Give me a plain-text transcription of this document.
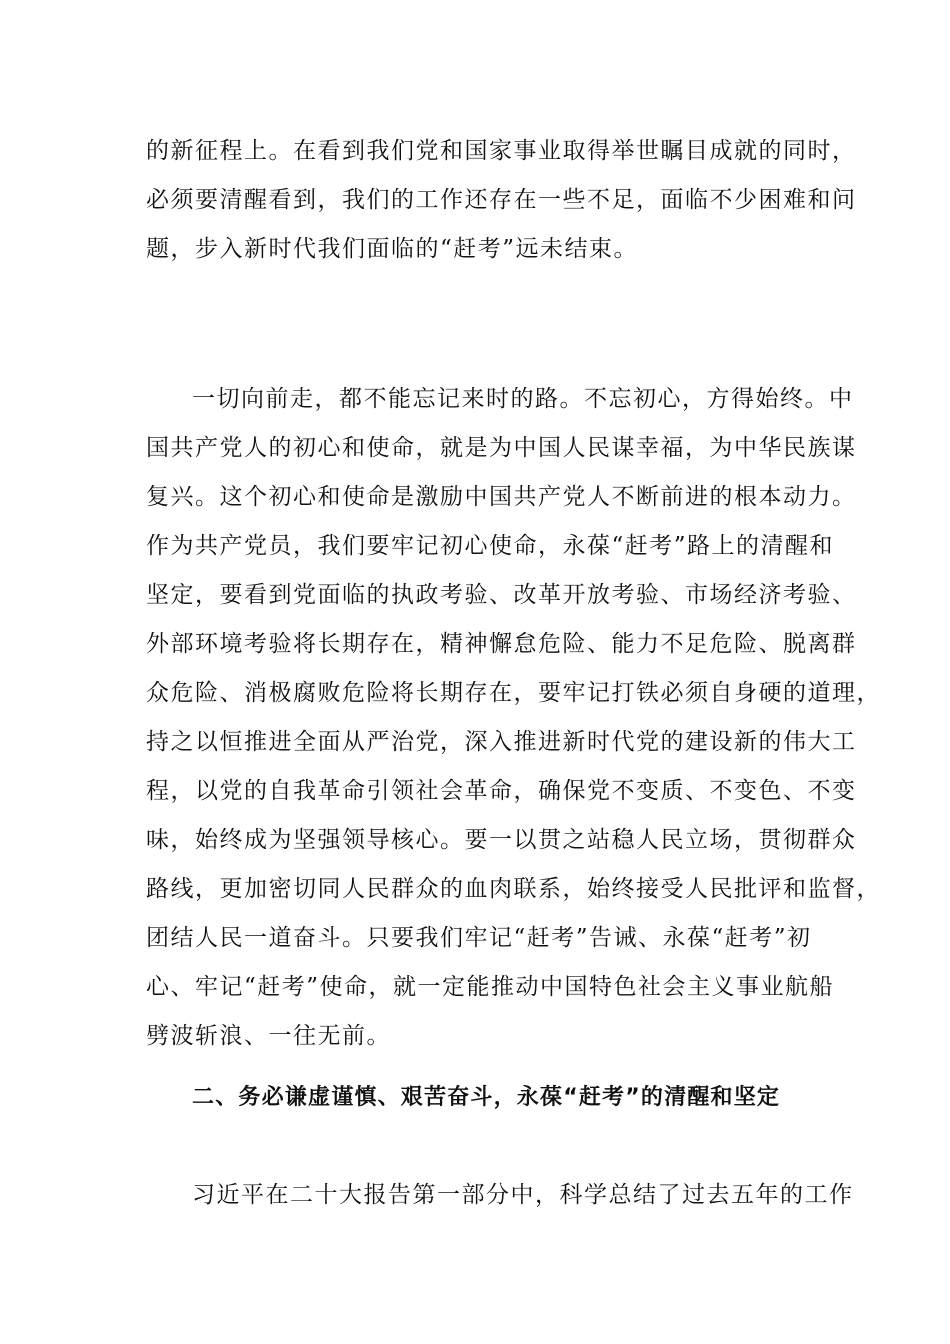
的新征程上。在看到我们党和国家事业取得举世瞩目成就的同时，
必须要清醒看到，我们的工作还存在一些不足，面临不少困难和问
题，步入新时代我们面临的“赶考”远未结束。
一切向前走，都不能忘记来时的路。不忘初心，方得始终。中
国共产党人的初心和使命，就是为中国人民谋幸福，为中华民族谋
复兴。这个初心和使命是激励中国共产党人不断前进的根本动力。
作为共产党员，我们要牢记初心使命，永葆“赶考”路上的清醒和
坚定，要看到党面临的执政考验、改革开放考验、市场经济考验、
外部环境考验将长期存在，精神懈怠危险、能力不足危险、脱离群
众危险、消极腐败危险将长期存在，要牢记打铁必须自身硬的道理，
持之以恒推进全面从严治党，深入推进新时代党的建设新的伟大工
程，以党的自我革命引领社会革命，确保党不变质、不变色、不变
味，始终成为坚强领导核心。要一以贯之站稳人民立场，贯彻群众
路线，更加密切同人民群众的血肉联系，始终接受人民批评和监督，
团结人民一道奋斗。只要我们牢记“赶考”告诫、永葆“赶考”初
心、牢记“赶考”使命，就一定能推动中国特色社会主义事业航船
劈波斩浪、一往无前。
二、务必谦虚谨慎、艰苦奋斗，永葆“赶考”的清醒和坚定
习近平在二十大报告第一部分中，科学总结了过去五年的工作
